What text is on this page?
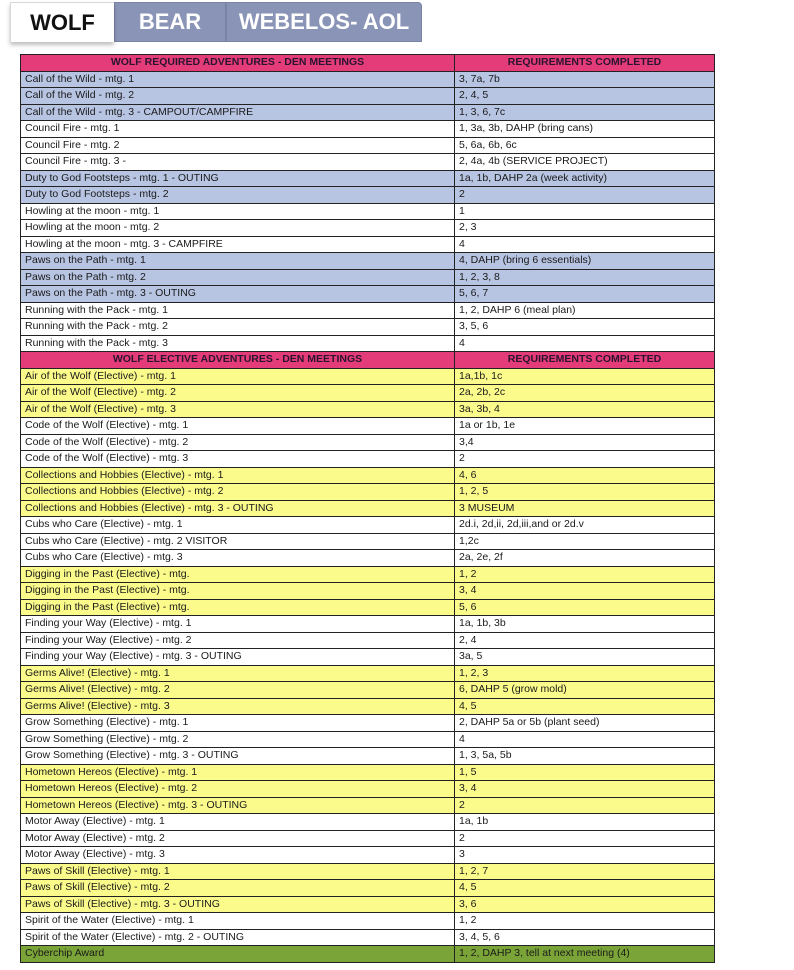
WOLF	BEAR	WEBELOS- AOL
WOLF REQUIRED ADVENTURES - DEN MEETINGS	REQUIREMENTS COMPLETED
Call of the Wild - mtg. 1	3, 7a, 7b
Call of the Wild - mtg. 2	2, 4, 5
Call of the Wild - mtg. 3 - CAMPOUT/CAMPFIRE	1, 3, 6, 7c
Council Fire - mtg. 1	1, 3a, 3b, DAHP (bring cans)
Council Fire - mtg. 2	5, 6a, 6b, 6c
Council Fire - mtg. 3 -	2, 4a, 4b (SERVICE PROJECT)
Duty to God Footsteps - mtg. 1 - OUTING	1a, 1b, DAHP 2a (week activity)
Duty to God Footsteps - mtg. 2	2
Howling at the moon - mtg. 1	1
Howling at the moon - mtg. 2	2, 3
Howling at the moon - mtg. 3 - CAMPFIRE	4
Paws on the Path - mtg. 1	4, DAHP (bring 6 essentials)
Paws on the Path - mtg. 2	1, 2, 3, 8
Paws on the Path - mtg. 3 - OUTING	5, 6, 7
Running with the Pack - mtg. 1	1, 2, DAHP 6 (meal plan)
Running with the Pack - mtg. 2	3, 5, 6
Running with the Pack - mtg. 3	4
WOLF ELECTIVE ADVENTURES - DEN MEETINGS	REQUIREMENTS COMPLETED
Air of the Wolf (Elective) - mtg. 1	1a,1b, 1c
Air of the Wolf (Elective) - mtg. 2	2a, 2b, 2c
Air of the Wolf (Elective) - mtg. 3	3a, 3b, 4
Code of the Wolf (Elective) - mtg. 1	1a or 1b, 1e
Code of the Wolf (Elective) - mtg. 2	3,4
Code of the Wolf (Elective) - mtg. 3	2
Collections and Hobbies (Elective) - mtg. 1	4, 6
Collections and Hobbies (Elective) - mtg. 2	1, 2, 5
Collections and Hobbies (Elective) - mtg. 3 - OUTING	3 MUSEUM
Cubs who Care (Elective) - mtg. 1	2d.i, 2d,ii, 2d,iii,and or 2d.v
Cubs who Care (Elective) - mtg. 2 VISITOR	1,2c
Cubs who Care (Elective) - mtg. 3	2a, 2e, 2f
Digging in the Past (Elective) - mtg.	1, 2
Digging in the Past (Elective) - mtg.	3, 4
Digging in the Past (Elective) - mtg.	5, 6
Finding your Way (Elective) - mtg. 1	1a, 1b, 3b
Finding your Way (Elective) - mtg. 2	2, 4
Finding your Way (Elective) - mtg. 3 - OUTING	3a, 5
Germs Alive! (Elective) - mtg. 1	1, 2, 3
Germs Alive! (Elective) - mtg. 2	6, DAHP 5 (grow mold)
Germs Alive! (Elective) - mtg. 3	4, 5
Grow Something (Elective) - mtg. 1	2, DAHP 5a or 5b (plant seed)
Grow Something (Elective) - mtg. 2	4
Grow Something (Elective) - mtg. 3 - OUTING	1, 3, 5a, 5b
Hometown Hereos (Elective) - mtg. 1	1, 5
Hometown Hereos (Elective) - mtg. 2	3, 4
Hometown Hereos (Elective) - mtg. 3 - OUTING	2
Motor Away (Elective) - mtg. 1	1a, 1b
Motor Away (Elective) - mtg. 2	2
Motor Away (Elective) - mtg. 3	3
Paws of Skill (Elective) - mtg. 1	1, 2, 7
Paws of Skill (Elective) - mtg. 2	4, 5
Paws of Skill (Elective) - mtg. 3 - OUTING	3, 6
Spirit of the Water (Elective) - mtg. 1	1, 2
Spirit of the Water (Elective) - mtg. 2 - OUTING	3, 4, 5, 6
Cyberchip Award	1, 2, DAHP 3, tell at next meeting (4)
